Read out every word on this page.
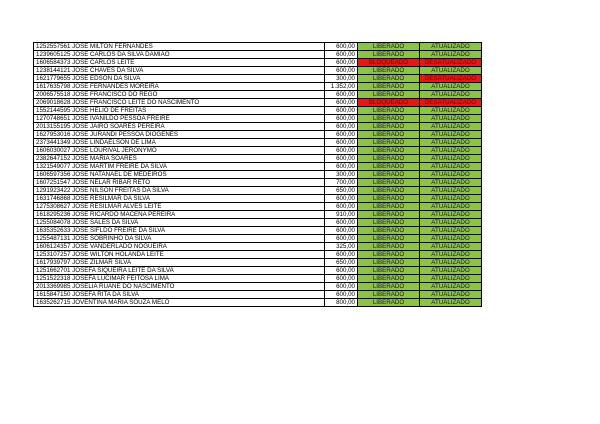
1252557561 JOSE MILTON FERNANDES	600,00	LIBERADO	ATUALIZADO
1239605125 JOSE CARLOS DA SILVA DAMIAO	600,00	LIBERADO	ATUALIZADO
1606584373 JOSE CARLOS LEITE	600,00	BLOQUEADO	DESATUALIZADO
1238144121 JOSE CHAVES DA SILVA	600,00	LIBERADO	ATUALIZADO
1621779655 JOSE EDSON DA SILVA	300,00	LIBERADO	DESATUALIZADO
1617635798 JOSE FERNANDES MOREIRA	1.352,00	LIBERADO	ATUALIZADO
2006575518 JOSE FRANCISCO DO REGO	600,00	LIBERADO	ATUALIZADO
2069018628 JOSE FRANCISCO LEITE DO NASCIMENTO	600,00	BLOQUEADO	DESATUALIZADO
1552144595 JOSE HELIO DE FREITAS	600,00	LIBERADO	ATUALIZADO
1270748651 JOSE IVANILDO PESSOA FREIRE	600,00	LIBERADO	ATUALIZADO
2013155195 JOSE JAIRO SOARES PEREIRA	600,00	LIBERADO	ATUALIZADO
1627953016 JOSE JURANDI PESSOA DIOGENES	600,00	LIBERADO	ATUALIZADO
2373441349 JOSE LINDAELSON DE LIMA	600,00	LIBERADO	ATUALIZADO
1606030027 JOSE LOURIVAL JERONYMO	600,00	LIBERADO	ATUALIZADO
2382647152 JOSE MARIA SOARES	600,00	LIBERADO	ATUALIZADO
1321549077 JOSE MARTIM FREIRE DA SILVA	600,00	LIBERADO	ATUALIZADO
1606597356 JOSE NATANAEL DE MEDEIROS	300,00	LIBERADO	ATUALIZADO
1607251547 JOSE NELAR RIBAR RETO	700,00	LIBERADO	ATUALIZADO
1291923422 JOSE NILSON FREITAS DA SILVA	650,00	LIBERADO	ATUALIZADO
1631746868 JOSE RESILMAR DA SILVA	600,00	LIBERADO	ATUALIZADO
1275308627 JOSE RESILMAR ALVES LEITE	600,00	LIBERADO	ATUALIZADO
1618295236 JOSE RICARDO MACENA PEREIRA	910,00	LIBERADO	ATUALIZADO
1255084078 JOSE SALES DA SILVA	600,00	LIBERADO	ATUALIZADO
1635352633 JOSE SIFLDO FREIRE DA SILVA	600,00	LIBERADO	ATUALIZADO
1255487131 JOSE SOBRINHO DA SILVA	600,00	LIBERADO	ATUALIZADO
1606124357 JOSE VANDERLADO NOGUEIRA	325,00	LIBERADO	ATUALIZADO
1253107257 JOSE WILTON HOLANDA LEITE	600,00	LIBERADO	ATUALIZADO
1617939797 JOSE ZILMAR SILVA	650,00	LIBERADO	ATUALIZADO
1251662701 JOSEFA SIQUEIRA LEITE DA SILVA	600,00	LIBERADO	ATUALIZADO
1251522318 JOSEFA LUCIMAR FEITOSA LIMA	600,00	LIBERADO	ATUALIZADO
2013369985 JOSELIA RUANE DO NASCIMENTO	600,00	LIBERADO	ATUALIZADO
1615847150 JOSEFA RITA DA SILVA	600,00	LIBERADO	ATUALIZADO
1635262715 JOVENTINA MARIA SOUZA MELO	800,00	LIBERADO	ATUALIZADO
